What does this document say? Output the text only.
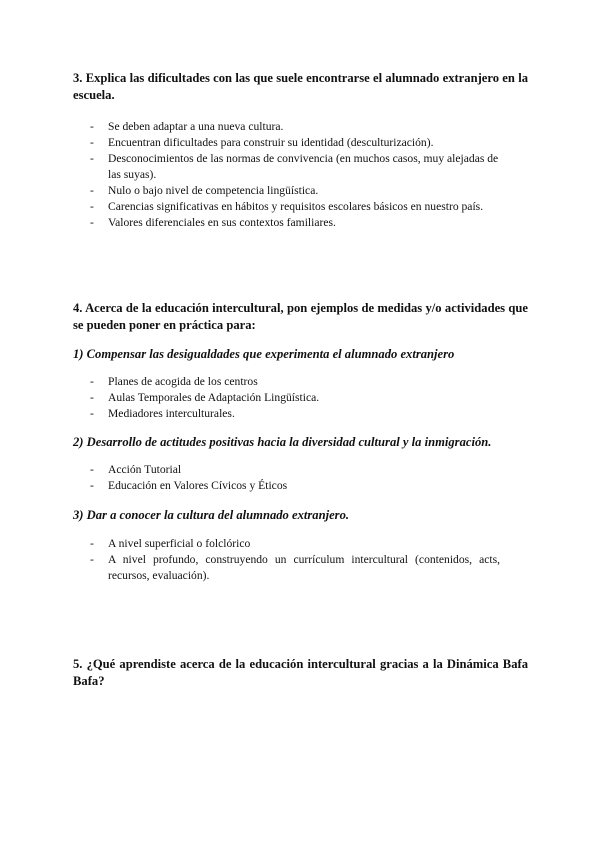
3. Explica las dificultades con las que suele encontrarse el alumnado extranjero en la escuela.
- Se deben adaptar a una nueva cultura.
- Encuentran dificultades para construir su identidad (desculturización).
- Desconocimientos de las normas de convivencia (en muchos casos, muy alejadas de las suyas).
- Nulo o bajo nivel de competencia lingüística.
- Carencias significativas en hábitos y requisitos escolares básicos en nuestro país.
- Valores diferenciales en sus contextos familiares.
4. Acerca de la educación intercultural, pon ejemplos de medidas y/o actividades que se pueden poner en práctica para:
1) Compensar las desigualdades que experimenta el alumnado extranjero
- Planes de acogida de los centros
- Aulas Temporales de Adaptación Lingüística.
- Mediadores interculturales.
2) Desarrollo de actitudes positivas hacia la diversidad cultural y la inmigración.
- Acción Tutorial
- Educación en Valores Cívicos y Éticos
3) Dar a conocer la cultura del alumnado extranjero.
- A nivel superficial o folclórico
- A nivel profundo, construyendo un currículum intercultural (contenidos, acts, recursos, evaluación).
5. ¿Qué aprendiste acerca de la educación intercultural gracias a la Dinámica Bafa Bafa?
